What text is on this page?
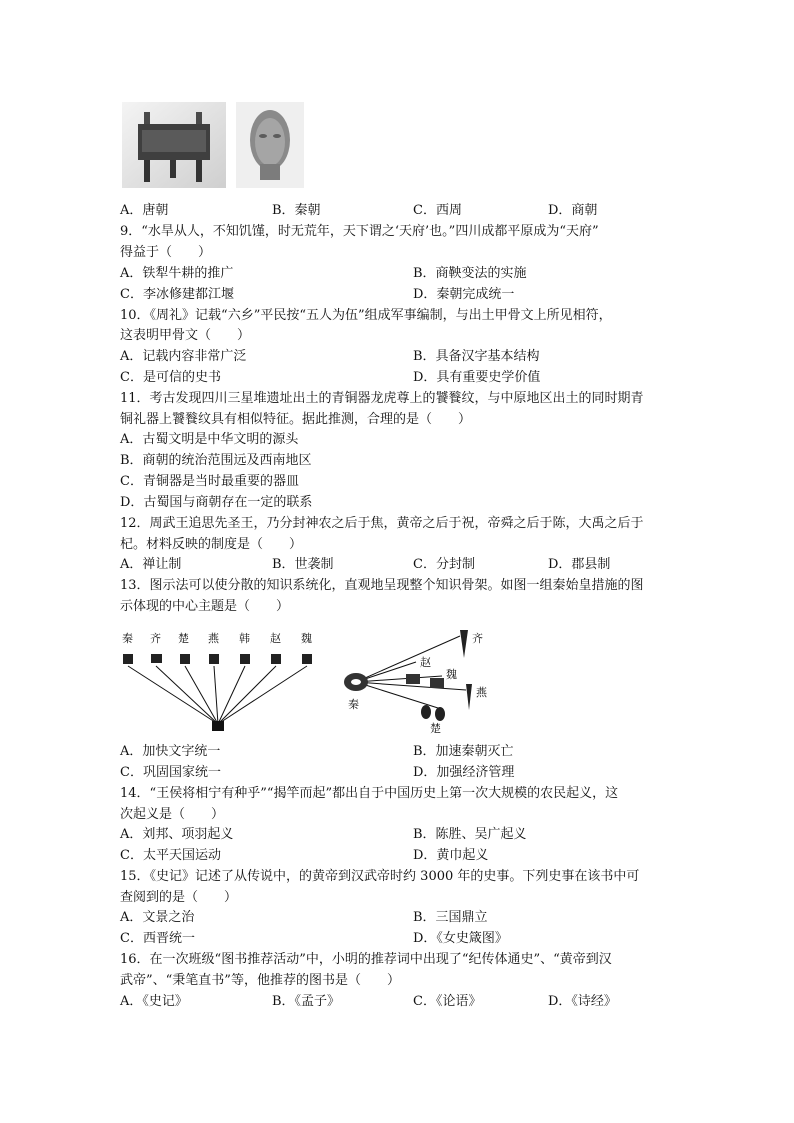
A．唐朝	B．秦朝	C．西周	D．商朝
9．“水旱从人，不知饥馑，时无荒年，天下谓之‘天府’也。”四川成都平原成为“天府”
得益于（　　）
A．铁犁牛耕的推广	B．商鞅变法的实施
C．李冰修建都江堰	D．秦朝完成统一
10．《周礼》记载“六乡”平民按“五人为伍”组成军事编制，与出土甲骨文上所见相符，
这表明甲骨文（　　）
A．记载内容非常广泛	B．具备汉字基本结构
C．是可信的史书	D．具有重要史学价值
11．考古发现四川三星堆遗址出土的青铜器龙虎尊上的饕餮纹，与中原地区出土的同时期青
铜礼器上饕餮纹具有相似特征。据此推测，合理的是（　　）
A．古蜀文明是中华文明的源头
B．商朝的统治范围远及西南地区
C．青铜器是当时最重要的器皿
D．古蜀国与商朝存在一定的联系
12．周武王追思先圣王，乃分封神农之后于焦，黄帝之后于祝，帝舜之后于陈，大禹之后于
杞。材料反映的制度是（　　）
A．禅让制	B．世袭制	C．分封制	D．郡县制
13．图示法可以使分散的知识系统化，直观地呈现整个知识骨架。如图一组秦始皇措施的图
示体现的中心主题是（　　）
秦 齐 楚 燕 韩 赵 魏	齐
赵
魏
燕
秦
楚
A．加快文字统一	B．加速秦朝灭亡
C．巩固国家统一	D．加强经济管理
14．“王侯将相宁有种乎”“揭竿而起”都出自于中国历史上第一次大规模的农民起义，这
次起义是（　　）
A．刘邦、项羽起义	B．陈胜、吴广起义
C．太平天国运动	D．黄巾起义
15．《史记》记述了从传说中，的黄帝到汉武帝时约 3000 年的史事。下列史事在该书中可
查阅到的是（　　）
A．文景之治	B．三国鼎立
C．西晋统一	D．《女史箴图》
16．在一次班级“图书推荐活动”中，小明的推荐词中出现了“纪传体通史”、“黄帝到汉
武帝”、“秉笔直书”等，他推荐的图书是（　　）
A．《史记》	B．《孟子》	C．《论语》	D．《诗经》
